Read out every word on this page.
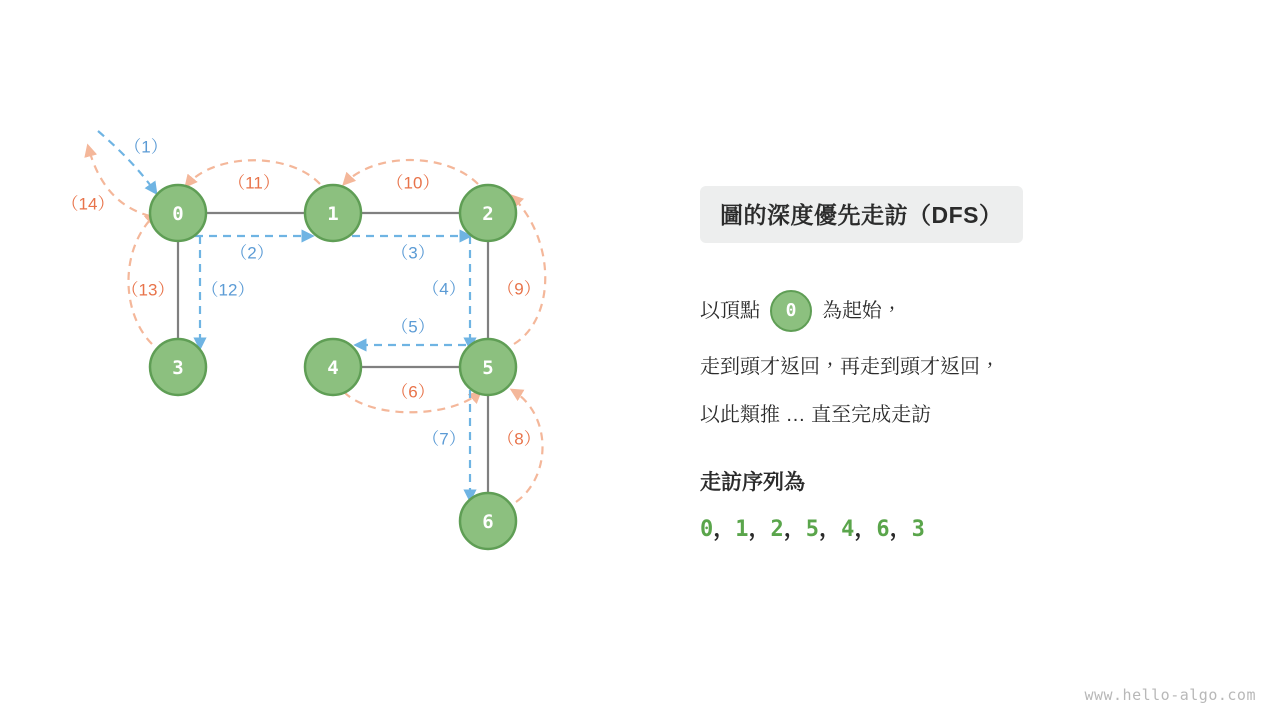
（1）
（2）	（3）
（4）
（5）
（6）
（7） （8）
（9）
（10）
（11）
（12）
（13）
（14）	0	1	2
3	4	5
6
圖的深度優先走訪（DFS）
以頂點	0	為起始，
走到頭才返回，再走到頭才返回，
以此類推 … 直至完成走訪
走訪序列為
0，1，2，5，4，6，3
www.hello-algo.com
